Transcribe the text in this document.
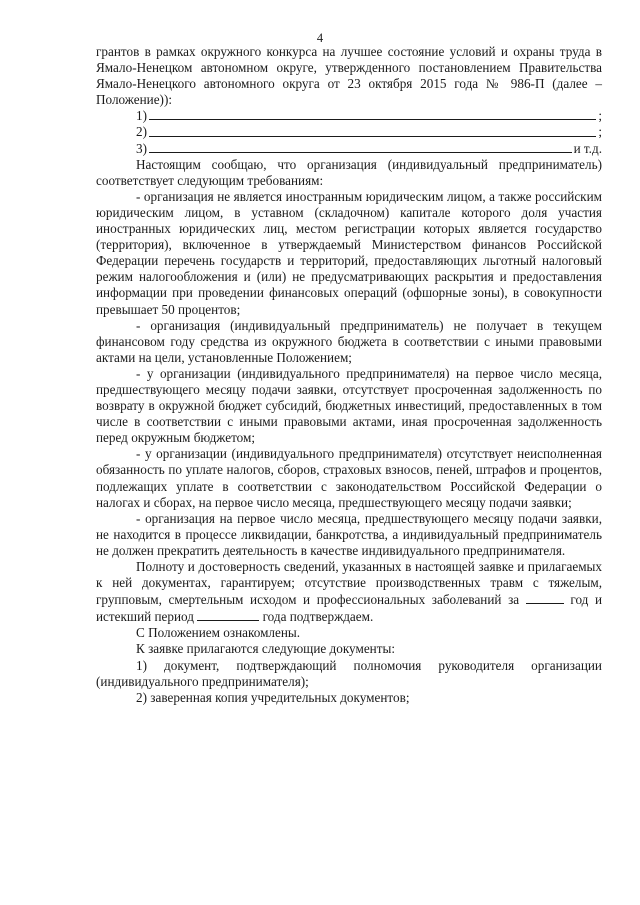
4

грантов в рамках окружного конкурса на лучшее состояние условий и охраны труда в Ямало-Ненецком автономном округе, утвержденного постановлением Правительства Ямало-Ненецкого автономного округа от 23 октября 2015 года № 986-П (далее – Положение)):

1)	;
2)	;
3)	и т.д.

Настоящим сообщаю, что организация (индивидуальный предприниматель) соответствует следующим требованиям:

- организация не является иностранным юридическим лицом, а также российским юридическим лицом, в уставном (складочном) капитале которого доля участия иностранных юридических лиц, местом регистрации которых является государство (территория), включенное в утверждаемый Министерством финансов Российской Федерации перечень государств и территорий, предоставляющих льготный налоговый режим налогообложения и (или) не предусматривающих раскрытия и предоставления информации при проведении финансовых операций (офшорные зоны), в совокупности превышает 50 процентов;

- организация (индивидуальный предприниматель) не получает в текущем финансовом году средства из окружного бюджета в соответствии с иными правовыми актами на цели, установленные Положением;

- у организации (индивидуального предпринимателя) на первое число месяца, предшествующего месяцу подачи заявки, отсутствует просроченная задолженность по возврату в окружной бюджет субсидий, бюджетных инвестиций, предоставленных в том числе в соответствии с иными правовыми актами, иная просроченная задолженность перед окружным бюджетом;

- у организации (индивидуального предпринимателя) отсутствует неисполненная обязанность по уплате налогов, сборов, страховых взносов, пеней, штрафов и процентов, подлежащих уплате в соответствии с законодательством Российской Федерации о налогах и сборах, на первое число месяца, предшествующего месяцу подачи заявки;

- организация на первое число месяца, предшествующего месяцу подачи заявки, не находится в процессе ликвидации, банкротства, а индивидуальный предприниматель не должен прекратить деятельность в качестве индивидуального предпринимателя.

Полноту и достоверность сведений, указанных в настоящей заявке и прилагаемых к ней документах, гарантируем; отсутствие производственных травм с тяжелым, групповым, смертельным исходом и профессиональных заболеваний за	год и истекший период	года подтверждаем.

С Положением ознакомлены.

К заявке прилагаются следующие документы:

1) документ, подтверждающий полномочия руководителя организации (индивидуального предпринимателя);

2) заверенная копия учредительных документов;
